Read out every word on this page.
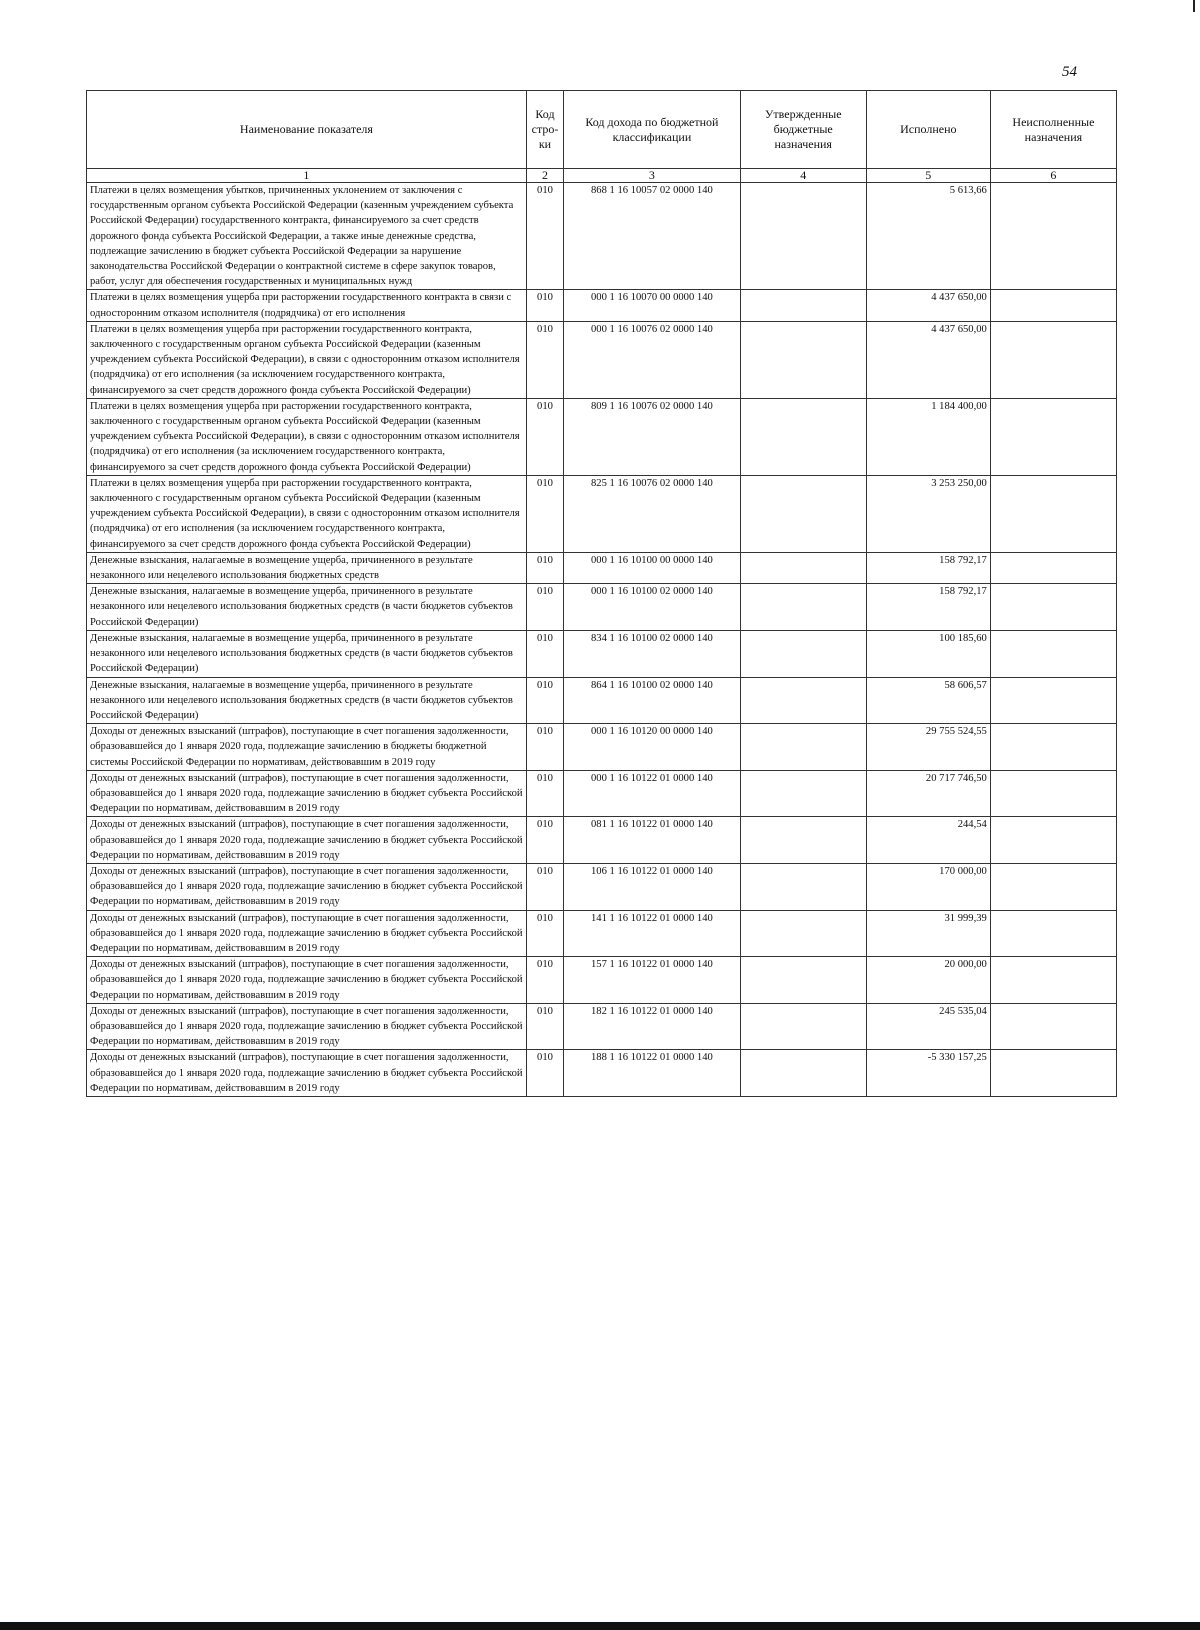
54
Наименование показателя	Код стро-ки	Код дохода по бюджетной классификации	Утвержденные бюджетные назначения	Исполнено	Неисполненные назначения
1	2	3	4	5	6
Платежи в целях возмещения убытков, причиненных уклонением от заключения с государственным органом субъекта Российской Федерации (казенным учреждением субъекта Российской Федерации) государственного контракта, финансируемого за счет средств дорожного фонда субъекта Российской Федерации, а также иные денежные средства, подлежащие зачислению в бюджет субъекта Российской Федерации за нарушение законодательства Российской Федерации о контрактной системе в сфере закупок товаров, работ, услуг для обеспечения государственных и муниципальных нужд	010	868 1 16 10057 02 0000 140		5 613,66	
Платежи в целях возмещения ущерба при расторжении государственного контракта в связи с односторонним отказом исполнителя (подрядчика) от его исполнения	010	000 1 16 10070 00 0000 140		4 437 650,00	
Платежи в целях возмещения ущерба при расторжении государственного контракта, заключенного с государственным органом субъекта Российской Федерации (казенным учреждением субъекта Российской Федерации), в связи с односторонним отказом исполнителя (подрядчика) от его исполнения (за исключением государственного контракта, финансируемого за счет средств дорожного фонда субъекта Российской Федерации)	010	000 1 16 10076 02 0000 140		4 437 650,00	
Платежи в целях возмещения ущерба при расторжении государственного контракта, заключенного с государственным органом субъекта Российской Федерации (казенным учреждением субъекта Российской Федерации), в связи с односторонним отказом исполнителя (подрядчика) от его исполнения (за исключением государственного контракта, финансируемого за счет средств дорожного фонда субъекта Российской Федерации)	010	809 1 16 10076 02 0000 140		1 184 400,00	
Платежи в целях возмещения ущерба при расторжении государственного контракта, заключенного с государственным органом субъекта Российской Федерации (казенным учреждением субъекта Российской Федерации), в связи с односторонним отказом исполнителя (подрядчика) от его исполнения (за исключением государственного контракта, финансируемого за счет средств дорожного фонда субъекта Российской Федерации)	010	825 1 16 10076 02 0000 140		3 253 250,00	
Денежные взыскания, налагаемые в возмещение ущерба, причиненного в результате незаконного или нецелевого использования бюджетных средств	010	000 1 16 10100 00 0000 140		158 792,17	
Денежные взыскания, налагаемые в возмещение ущерба, причиненного в результате незаконного или нецелевого использования бюджетных средств (в части бюджетов субъектов Российской Федерации)	010	000 1 16 10100 02 0000 140		158 792,17	
Денежные взыскания, налагаемые в возмещение ущерба, причиненного в результате незаконного или нецелевого использования бюджетных средств (в части бюджетов субъектов Российской Федерации)	010	834 1 16 10100 02 0000 140		100 185,60	
Денежные взыскания, налагаемые в возмещение ущерба, причиненного в результате незаконного или нецелевого использования бюджетных средств (в части бюджетов субъектов Российской Федерации)	010	864 1 16 10100 02 0000 140		58 606,57	
Доходы от денежных взысканий (штрафов), поступающие в счет погашения задолженности, образовавшейся до 1 января 2020 года, подлежащие зачислению в бюджеты бюджетной системы Российской Федерации по нормативам, действовавшим в 2019 году	010	000 1 16 10120 00 0000 140		29 755 524,55	
Доходы от денежных взысканий (штрафов), поступающие в счет погашения задолженности, образовавшейся до 1 января 2020 года, подлежащие зачислению в бюджет субъекта Российской Федерации по нормативам, действовавшим в 2019 году	010	000 1 16 10122 01 0000 140		20 717 746,50	
Доходы от денежных взысканий (штрафов), поступающие в счет погашения задолженности, образовавшейся до 1 января 2020 года, подлежащие зачислению в бюджет субъекта Российской Федерации по нормативам, действовавшим в 2019 году	010	081 1 16 10122 01 0000 140		244,54	
Доходы от денежных взысканий (штрафов), поступающие в счет погашения задолженности, образовавшейся до 1 января 2020 года, подлежащие зачислению в бюджет субъекта Российской Федерации по нормативам, действовавшим в 2019 году	010	106 1 16 10122 01 0000 140		170 000,00	
Доходы от денежных взысканий (штрафов), поступающие в счет погашения задолженности, образовавшейся до 1 января 2020 года, подлежащие зачислению в бюджет субъекта Российской Федерации по нормативам, действовавшим в 2019 году	010	141 1 16 10122 01 0000 140		31 999,39	
Доходы от денежных взысканий (штрафов), поступающие в счет погашения задолженности, образовавшейся до 1 января 2020 года, подлежащие зачислению в бюджет субъекта Российской Федерации по нормативам, действовавшим в 2019 году	010	157 1 16 10122 01 0000 140		20 000,00	
Доходы от денежных взысканий (штрафов), поступающие в счет погашения задолженности, образовавшейся до 1 января 2020 года, подлежащие зачислению в бюджет субъекта Российской Федерации по нормативам, действовавшим в 2019 году	010	182 1 16 10122 01 0000 140		245 535,04	
Доходы от денежных взысканий (штрафов), поступающие в счет погашения задолженности, образовавшейся до 1 января 2020 года, подлежащие зачислению в бюджет субъекта Российской Федерации по нормативам, действовавшим в 2019 году	010	188 1 16 10122 01 0000 140		-5 330 157,25	
